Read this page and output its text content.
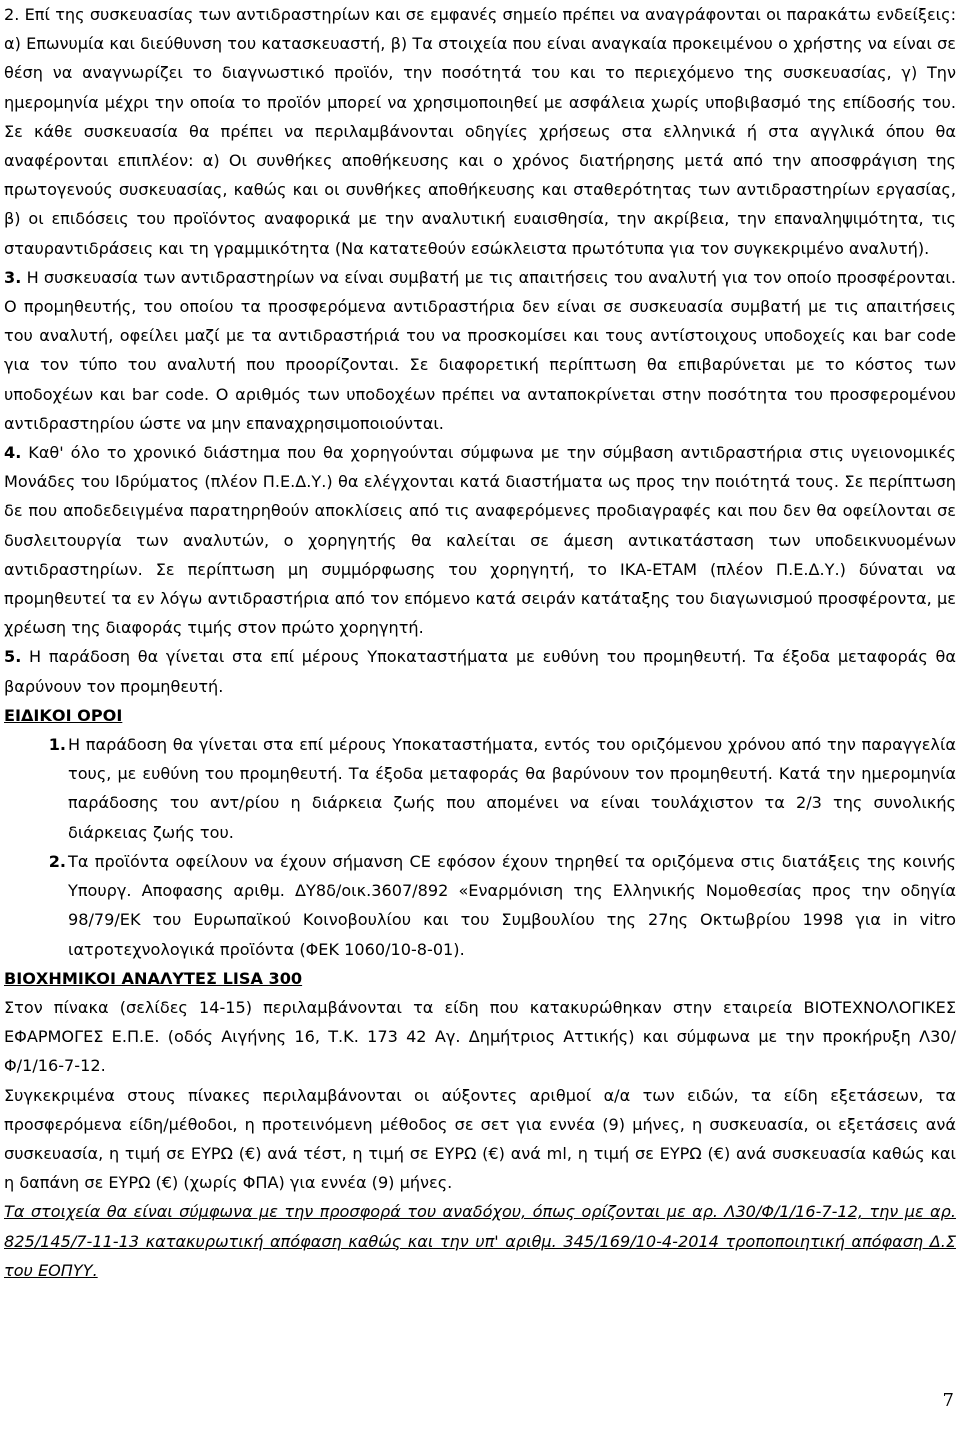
2. Επί της συσκευασίας των αντιδραστηρίων και σε εμφανές σημείο πρέπει να αναγράφονται οι παρακάτω ενδείξεις: α) Επωνυμία και διεύθυνση του κατασκευαστή, β) Τα στοιχεία που είναι αναγκαία προκειμένου ο χρήστης να είναι σε θέση να αναγνωρίζει το διαγνωστικό προϊόν, την ποσότητά του και το περιεχόμενο της συσκευασίας, γ) Την ημερομηνία μέχρι την οποία το προϊόν μπορεί να χρησιμοποιηθεί με ασφάλεια χωρίς υποβιβασμό της επίδοσής του. Σε κάθε συσκευασία θα πρέπει να περιλαμβάνονται οδηγίες χρήσεως στα ελληνικά ή στα αγγλικά όπου θα αναφέρονται επιπλέον: α) Οι συνθήκες αποθήκευσης και ο χρόνος διατήρησης μετά από την αποσφράγιση της πρωτογενούς συσκευασίας, καθώς και οι συνθήκες αποθήκευσης και σταθερότητας των αντιδραστηρίων εργασίας, β) οι επιδόσεις του προϊόντος αναφορικά με την αναλυτική ευαισθησία, την ακρίβεια, την επαναληψιμότητα, τις σταυραντιδράσεις και τη γραμμικότητα (Να κατατεθούν εσώκλειστα πρωτότυπα για τον συγκεκριμένο αναλυτή).

3. Η συσκευασία των αντιδραστηρίων να είναι συμβατή με τις απαιτήσεις του αναλυτή για τον οποίο προσφέρονται. Ο προμηθευτής, του οποίου τα προσφερόμενα αντιδραστήρια δεν είναι σε συσκευασία συμβατή με τις απαιτήσεις του αναλυτή, οφείλει μαζί με τα αντιδραστήριά του να προσκομίσει και τους αντίστοιχους υποδοχείς και bar code για τον τύπο του αναλυτή που προορίζονται. Σε διαφορετική περίπτωση θα επιβαρύνεται με το κόστος των υποδοχέων και bar code. Ο αριθμός των υποδοχέων πρέπει να ανταποκρίνεται στην ποσότητα του προσφερομένου αντιδραστηρίου ώστε να μην επαναχρησιμοποιούνται.

4. Καθ' όλο το χρονικό διάστημα που θα χορηγούνται σύμφωνα με την σύμβαση αντιδραστήρια στις υγειονομικές Μονάδες του Ιδρύματος (πλέον Π.Ε.Δ.Υ.) θα ελέγχονται κατά διαστήματα ως προς την ποιότητά τους. Σε περίπτωση δε που αποδεδειγμένα παρατηρηθούν αποκλίσεις από τις αναφερόμενες προδιαγραφές και που δεν θα οφείλονται σε δυσλειτουργία των αναλυτών, ο χορηγητής θα καλείται σε άμεση αντικατάσταση των υποδεικνυομένων αντιδραστηρίων. Σε περίπτωση μη συμμόρφωσης του χορηγητή, το ΙΚΑ-ΕΤΑΜ (πλέον Π.Ε.Δ.Υ.) δύναται να προμηθευτεί τα εν λόγω αντιδραστήρια από τον επόμενο κατά σειράν κατάταξης του διαγωνισμού προσφέροντα, με χρέωση της διαφοράς τιμής στον πρώτο χορηγητή.

5. Η παράδοση θα γίνεται στα επί μέρους Υποκαταστήματα με ευθύνη του προμηθευτή. Τα έξοδα μεταφοράς θα βαρύνουν τον προμηθευτή.

ΕΙΔΙΚΟΙ ΟΡΟΙ
1. Η παράδοση θα γίνεται στα επί μέρους Υποκαταστήματα, εντός του οριζόμενου χρόνου από την παραγγελία τους, με ευθύνη του προμηθευτή. Τα έξοδα μεταφοράς θα βαρύνουν τον προμηθευτή. Κατά την ημερομηνία παράδοσης του αντ/ρίου η διάρκεια ζωής που απομένει να είναι τουλάχιστον τα 2/3 της συνολικής διάρκειας ζωής του.
2. Τα προϊόντα οφείλουν να έχουν σήμανση CE εφόσον έχουν τηρηθεί τα οριζόμενα στις διατάξεις της κοινής Υπουργ. Αποφασης αριθμ. ΔΥ8δ/οικ.3607/892 «Εναρμόνιση της Ελληνικής Νομοθεσίας προς την οδηγία 98/79/ΕΚ του Ευρωπαϊκού Κοινοβουλίου και του Συμβουλίου της 27ης Οκτωβρίου 1998 για in vitro ιατροτεχνολογικά προϊόντα (ΦΕΚ 1060/10-8-01).
ΒΙΟΧΗΜΙΚΟΙ ΑΝΑΛΥΤΕΣ LISA 300

Στον πίνακα (σελίδες 14-15) περιλαμβάνονται τα είδη που κατακυρώθηκαν στην εταιρεία ΒΙΟΤΕΧΝΟΛΟΓΙΚΕΣ ΕΦΑΡΜΟΓΕΣ Ε.Π.Ε. (οδός Αιγήνης 16, Τ.Κ. 173 42 Αγ. Δημήτριος Αττικής) και σύμφωνα με την προκήρυξη Λ30/Φ/1/16-7-12.

Συγκεκριμένα στους πίνακες περιλαμβάνονται οι αύξοντες αριθμοί α/α των ειδών, τα είδη εξετάσεων, τα προσφερόμενα είδη/μέθοδοι, η προτεινόμενη μέθοδος σε σετ για εννέα (9) μήνες, η συσκευασία, οι εξετάσεις ανά συσκευασία, η τιμή σε ΕΥΡΩ (€) ανά τέστ, η τιμή σε ΕΥΡΩ (€) ανά ml, η τιμή σε ΕΥΡΩ (€) ανά συσκευασία καθώς και η δαπάνη σε ΕΥΡΩ (€) (χωρίς ΦΠΑ) για εννέα (9) μήνες.

Τα στοιχεία θα είναι σύμφωνα με την προσφορά του αναδόχου, όπως ορίζονται με αρ. Λ30/Φ/1/16-7-12, την με αρ. 825/145/7-11-13 κατακυρωτική απόφαση καθώς και την υπ' αριθμ. 345/169/10-4-2014 τροποποιητική απόφαση Δ.Σ του ΕΟΠΥΥ.

7
